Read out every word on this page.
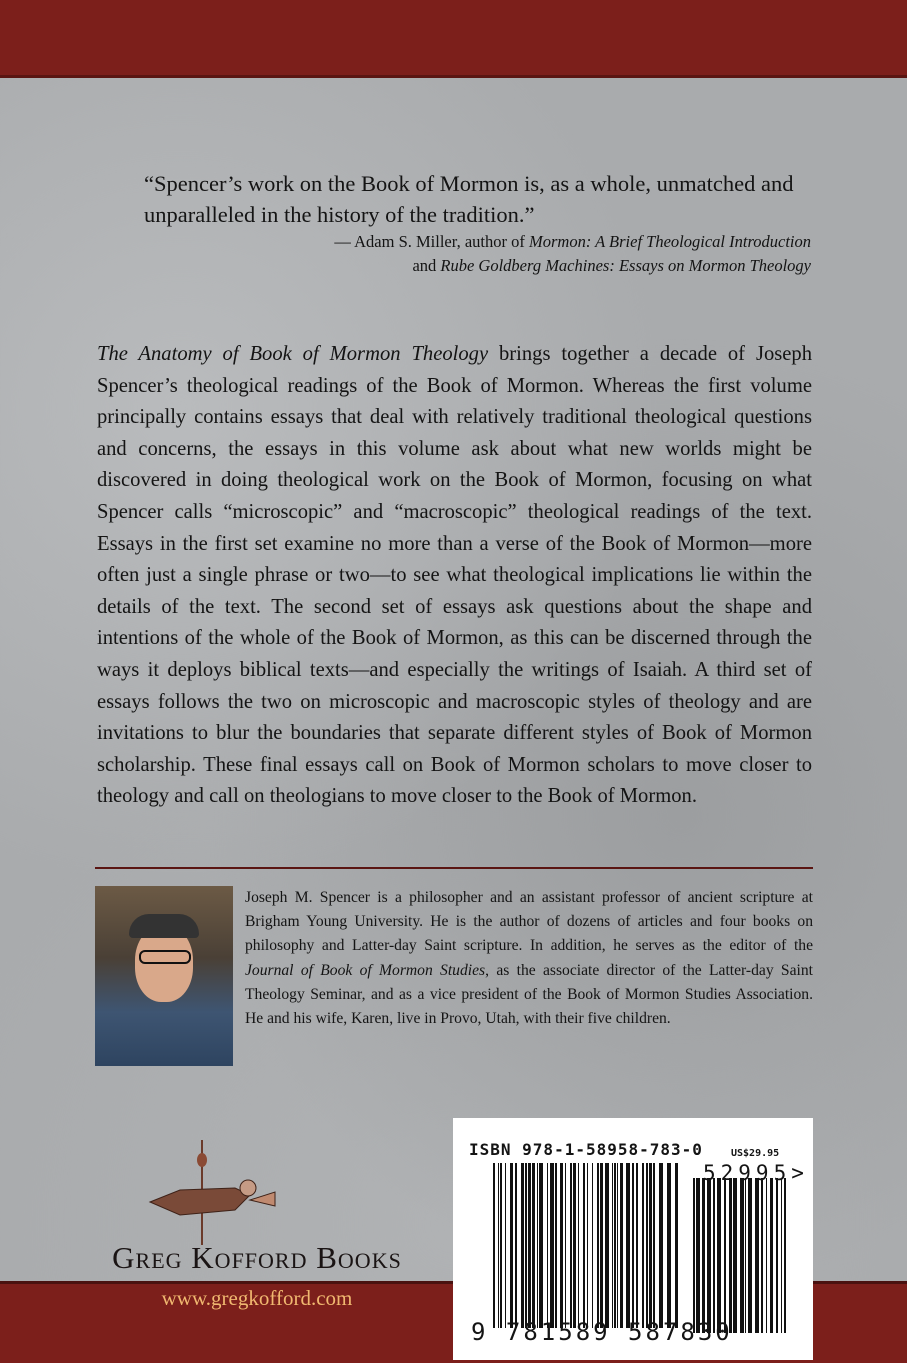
“Spencer’s work on the Book of Mormon is, as a whole, unmatched and unparalleled in the history of the tradition.”
— Adam S. Miller, author of Mormon: A Brief Theological Introduction
and Rube Goldberg Machines: Essays on Mormon Theology
The Anatomy of Book of Mormon Theology brings together a decade of Joseph Spencer’s theological readings of the Book of Mormon. Whereas the first volume principally contains essays that deal with relatively traditional theological questions and concerns, the essays in this volume ask about what new worlds might be discovered in doing theological work on the Book of Mormon, focusing on what Spencer calls “microscopic” and “macroscopic” theological readings of the text. Essays in the first set examine no more than a verse of the Book of Mormon—more often just a single phrase or two—to see what theological implications lie within the details of the text. The second set of essays ask questions about the shape and intentions of the whole of the Book of Mormon, as this can be discerned through the ways it deploys biblical texts—and especially the writings of Isaiah. A third set of essays follows the two on microscopic and macroscopic styles of theology and are invitations to blur the boundaries that separate different styles of Book of Mormon scholarship. These final essays call on Book of Mormon scholars to move closer to theology and call on theologians to move closer to the Book of Mormon.
Joseph M. Spencer is a philosopher and an assistant professor of ancient scripture at Brigham Young University. He is the author of dozens of articles and four books on philosophy and Latter-day Saint scripture. In addition, he serves as the editor of the Journal of Book of Mormon Studies, as the associate director of the Latter-day Saint Theology Seminar, and as a vice president of the Book of Mormon Studies Association. He and his wife, Karen, live in Provo, Utah, with their five children.
Greg Kofford Books
www.gregkofford.com
ISBN 978-1-58958-783-0	US$29.95
52995>
9 781589 587830
